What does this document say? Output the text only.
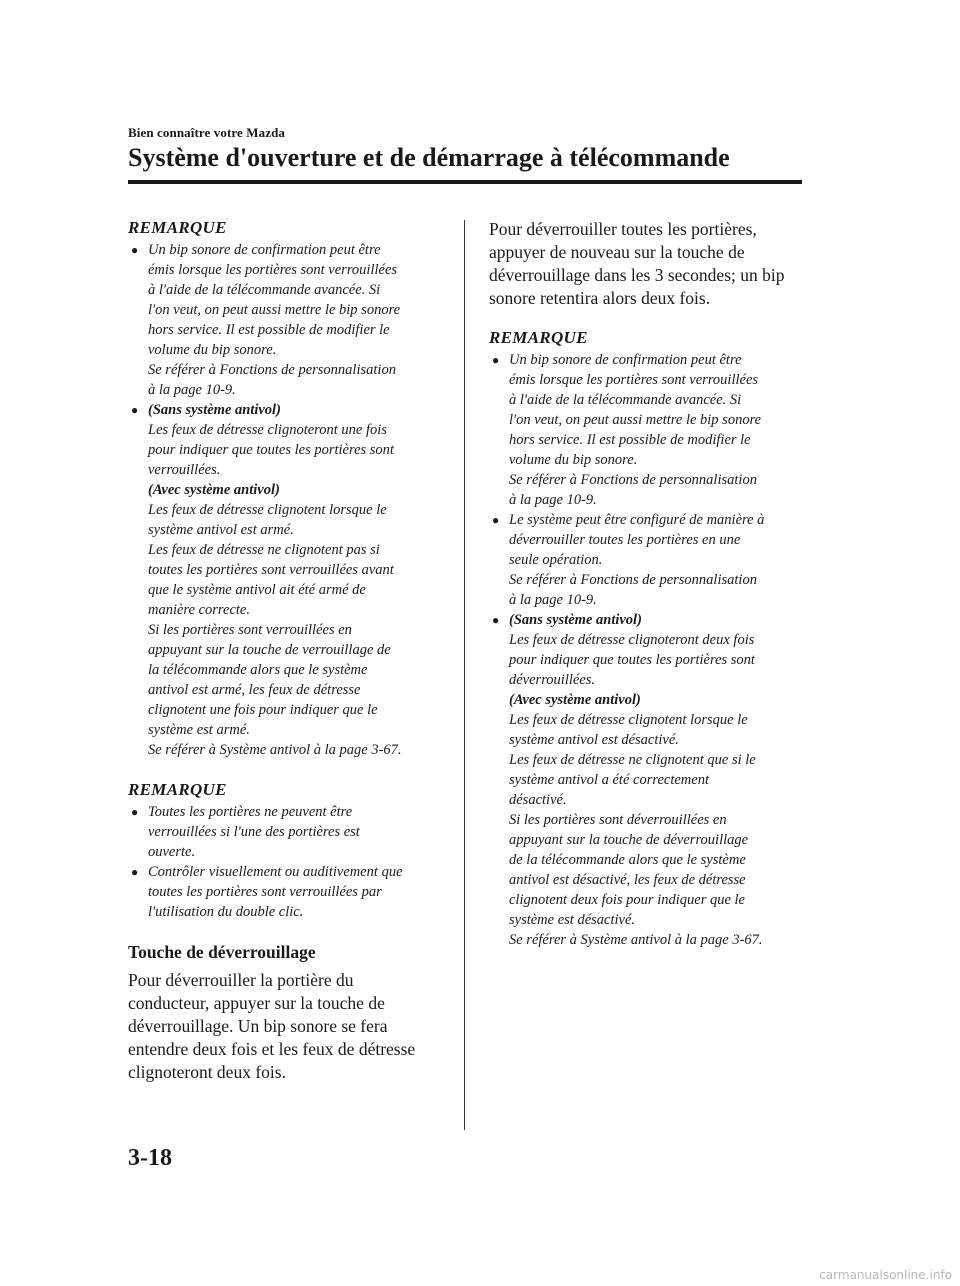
Bien connaître votre Mazda
Système d'ouverture et de démarrage à télécommande
REMARQUE
● Un bip sonore de confirmation peut être
émis lorsque les portières sont verrouillées
à l'aide de la télécommande avancée. Si
l'on veut, on peut aussi mettre le bip sonore
hors service. Il est possible de modifier le
volume du bip sonore.
Se référer à Fonctions de personnalisation
à la page 10-9.
● (Sans système antivol)

Les feux de détresse clignoteront une fois
pour indiquer que toutes les portières sont
verrouillées.

(Avec système antivol)

Les feux de détresse clignotent lorsque le
système antivol est armé.
Les feux de détresse ne clignotent pas si
toutes les portières sont verrouillées avant
que le système antivol ait été armé de
manière correcte.
Si les portières sont verrouillées en
appuyant sur la touche de verrouillage de
la télécommande alors que le système
antivol est armé, les feux de détresse
clignotent une fois pour indiquer que le
système est armé.
Se référer à Système antivol à la page 3-67.
REMARQUE
● Toutes les portières ne peuvent être
verrouillées si l'une des portières est
ouverte.
● Contrôler visuellement ou auditivement que
toutes les portières sont verrouillées par
l'utilisation du double clic.
Touche de déverrouillage
Pour déverrouiller la portière du
conducteur, appuyer sur la touche de
déverrouillage. Un bip sonore se fera
entendre deux fois et les feux de détresse
clignoteront deux fois.
Pour déverrouiller toutes les portières,
appuyer de nouveau sur la touche de
déverrouillage dans les 3 secondes; un bip
sonore retentira alors deux fois.
REMARQUE
● Un bip sonore de confirmation peut être
émis lorsque les portières sont verrouillées
à l'aide de la télécommande avancée. Si
l'on veut, on peut aussi mettre le bip sonore
hors service. Il est possible de modifier le
volume du bip sonore.
Se référer à Fonctions de personnalisation
à la page 10-9.
● Le système peut être configuré de manière à
déverrouiller toutes les portières en une
seule opération.
Se référer à Fonctions de personnalisation
à la page 10-9.
● (Sans système antivol)

Les feux de détresse clignoteront deux fois
pour indiquer que toutes les portières sont
déverrouillées.

(Avec système antivol)

Les feux de détresse clignotent lorsque le
système antivol est désactivé.
Les feux de détresse ne clignotent que si le
système antivol a été correctement
désactivé.
Si les portières sont déverrouillées en
appuyant sur la touche de déverrouillage
de la télécommande alors que le système
antivol est désactivé, les feux de détresse
clignotent deux fois pour indiquer que le
système est désactivé.
Se référer à Système antivol à la page 3-67.
3-18
carmanualsonline.info
